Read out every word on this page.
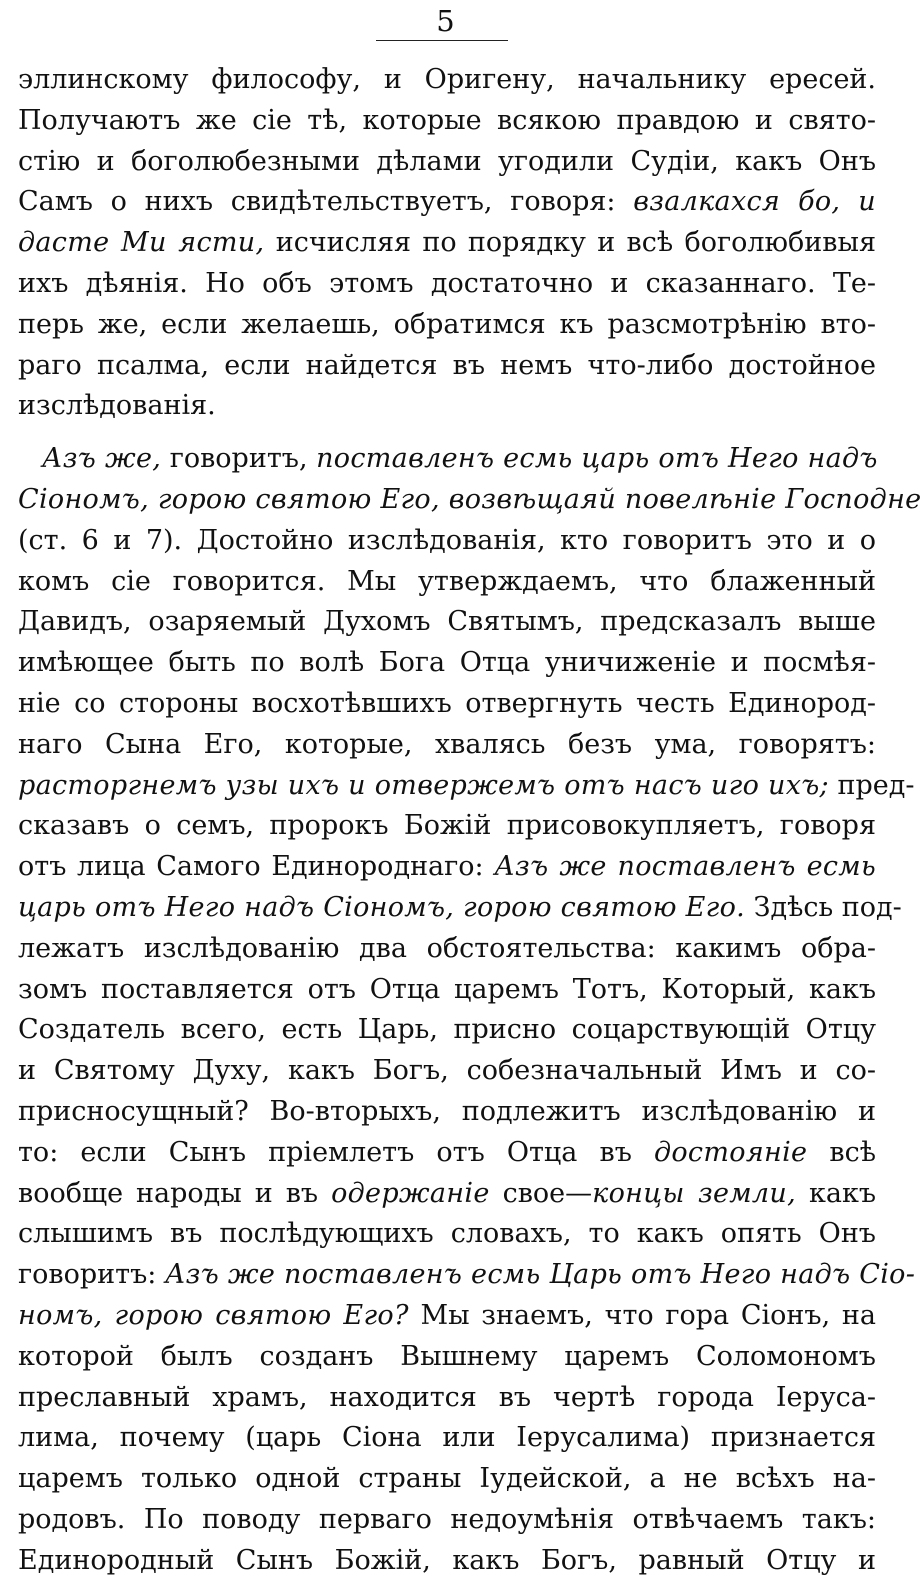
5
эллинскому философу, и Оригену, начальнику ересей.
Получаютъ же сіе тѣ, которые всякою правдою и свято-
стію и боголюбезными дѣлами угодили Судіи, какъ Онъ
Самъ о нихъ свидѣтельствуетъ, говоря: взалкахся бо, и
дасте Ми ясти, исчисляя по порядку и всѣ боголюбивыя
ихъ дѣянія. Но объ этомъ достаточно и сказаннаго. Те-
перь же, если желаешь, обратимся къ разсмотрѣнію вто-
раго псалма, если найдется въ немъ что-либо достойное
изслѣдованія.
Азъ же, говоритъ, поставленъ есмь царь отъ Него надъ
Сіономъ, горою святою Его, возвѣщаяй повелѣніе Господне
(ст. 6 и 7). Достойно изслѣдованія, кто говоритъ это и о
комъ сіе говорится. Мы утверждаемъ, что блаженный
Давидъ, озаряемый Духомъ Святымъ, предсказалъ выше
имѣющее быть по волѣ Бога Отца уничиженіе и посмѣя-
ніе со стороны восхотѣвшихъ отвергнуть честь Единород-
наго Сына Его, которые, хвалясь безъ ума, говорятъ:
расторгнемъ узы ихъ и отвержемъ отъ насъ иго ихъ; пред-
сказавъ о семъ, пророкъ Божій присовокупляетъ, говоря
отъ лица Самого Единороднаго: Азъ же поставленъ есмь
царь отъ Него надъ Сіономъ, горою святою Его. Здѣсь под-
лежатъ изслѣдованію два обстоятельства: какимъ обра-
зомъ поставляется отъ Отца царемъ Тотъ, Который, какъ
Создатель всего, есть Царь, присно соцарствующій Отцу
и Святому Духу, какъ Богъ, собезначальный Имъ и со-
присносущный? Во-вторыхъ, подлежитъ изслѣдованію и
то: если Сынъ пріемлетъ отъ Отца въ достояніе всѣ
вообще народы и въ одержаніе свое—концы земли, какъ
слышимъ въ послѣдующихъ словахъ, то какъ опять Онъ
говоритъ: Азъ же поставленъ есмь Царь отъ Него надъ Сіо-
номъ, горою святою Его? Мы знаемъ, что гора Сіонъ, на
которой былъ созданъ Вышнему царемъ Соломономъ
преславный храмъ, находится въ чертѣ города Іеруса-
лима, почему (царь Сіона или Іерусалима) признается
царемъ только одной страны Іудейской, а не всѣхъ на-
родовъ. По поводу перваго недоумѣнія отвѣчаемъ такъ:
Единородный Сынъ Божій, какъ Богъ, равный Отцу и
